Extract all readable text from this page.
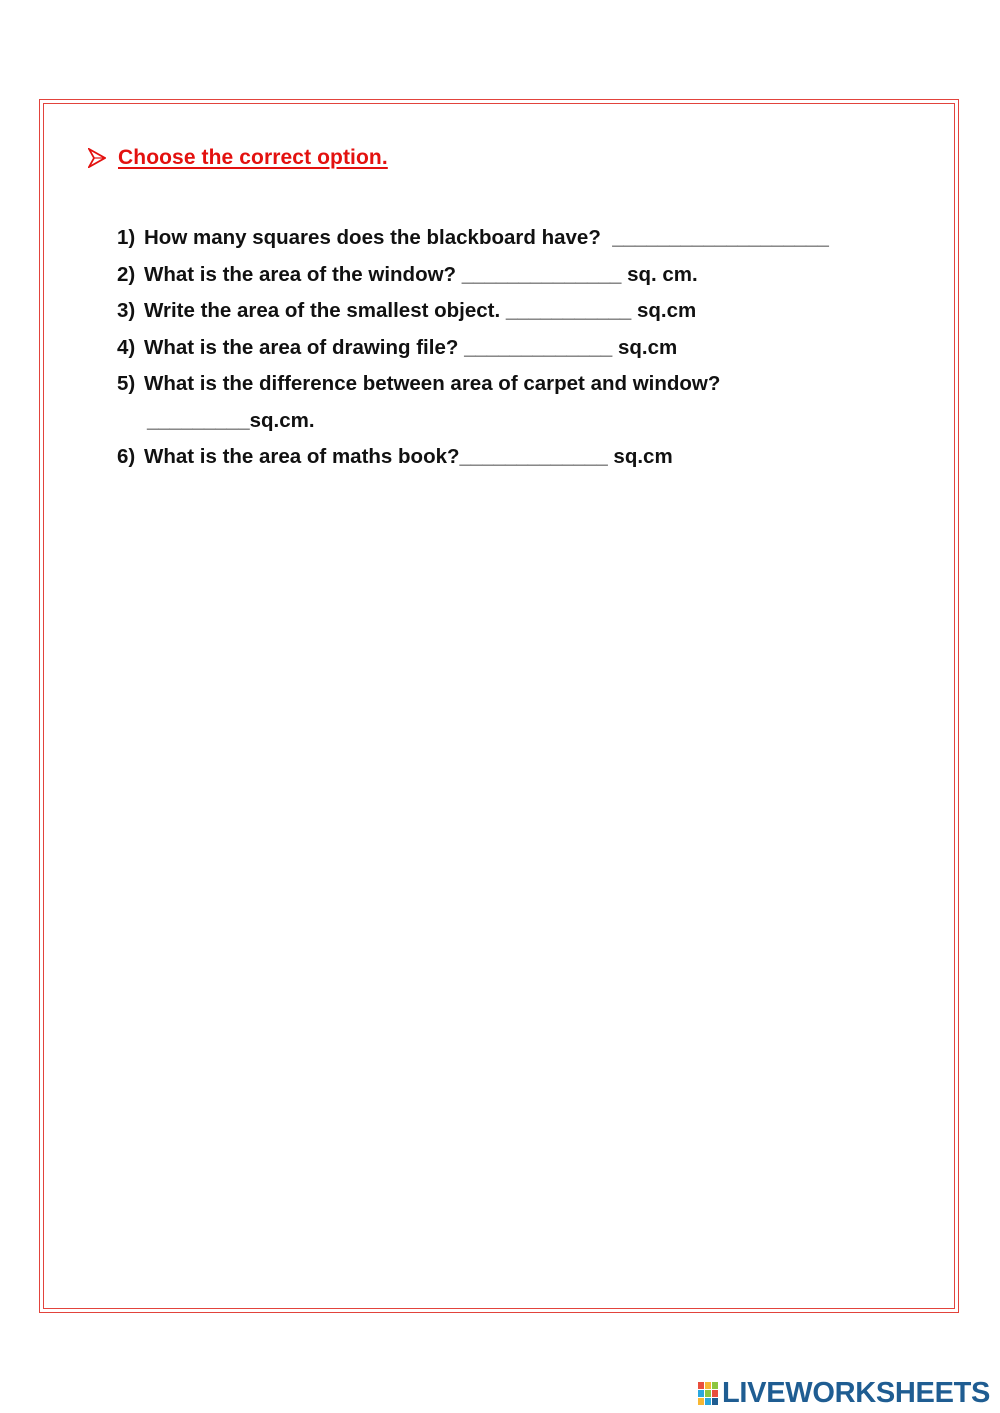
Choose the correct option.
1) How many squares does the blackboard have?  ___________________
2) What is the area of the window? ______________ sq. cm.
3) Write the area of the smallest object. ___________ sq.cm
4) What is the area of drawing file? _____________ sq.cm
5) What is the difference between area of carpet and window?
_________sq.cm.
6) What is the area of maths book?_____________ sq.cm
LIVEWORKSHEETS
